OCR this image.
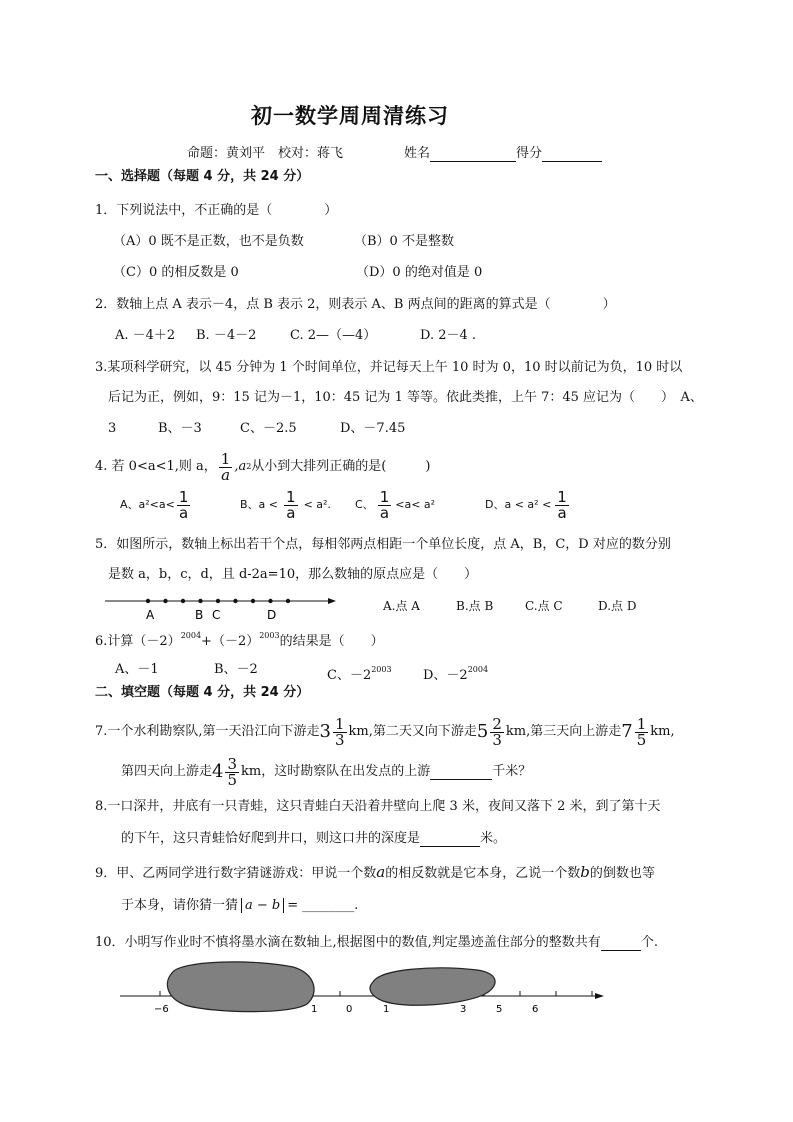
初一数学周周清练习
命题：黄刘平　校对：蒋飞	姓名	得分
一、选择题（每题 4 分，共 24 分）
1．下列说法中，不正确的是（　　　　）
（A）0 既不是正数，也不是负数	（B）0 不是整数
（C）0 的相反数是 0	（D）0 的绝对值是 0
2．数轴上点 A 表示－4，点 B 表示 2，则表示 A、B 两点间的距离的算式是（　　　　）
A. －4＋2 B. －4－2	C. 2—（—4）	D. 2－4 .
3.某项科学研究，以 45 分钟为 1 个时间单位，并记每天上午 10 时为 0，10 时以前记为负，10 时以
后记为正，例如，9：15 记为－1，10：45 记为 1 等等。依此类推，上午 7：45 应记为（　　）　A、
3	B、－3	C、－2.5	D、－7.45
4. 若 0<a<1,则 a， $\frac{1}{a} ,a$ 2 从小到大排列正确的是(　　　)
A、$a^2<a< \frac{1}{a}$	B、$a < \frac{1}{a} < a^2$. C、 $\frac{1}{a} <a< a^2$	D、$a < a^2 < \frac{1}{a}$
5．如图所示，数轴上标出若干个点，每相邻两点相距一个单位长度，点 A，B，C，D 对应的数分别
是数 a，b，c，d，且 d-2a=10，那么数轴的原点应是（　　）
A	B C	D
A.点 A	B.点 B	C.点 C	D.点 D
6.计算$(-2)^{2004}+(-2)^{2003}$的结果是（　　）
A、－1	B、－2	C、$-2^{2003}$ D、$-2^{2004}$
二、填空题（每题 4 分，共 24 分）
7.一个水利勘察队,第一天沿江向下游走 $3 \frac{1}{3}$ km,第二天又向下游走 $5 \frac{2}{3}$ km,第三天向上游走 $7 \frac{1}{5}$ km,
第四天向上游走 $4 \frac{3}{5}$ km，这时勘察队在出发点的上游	千米？
8.一口深井，井底有一只青蛙，这只青蛙白天沿着井壁向上爬 3 米，夜间又落下 2 米，到了第十天
的下午，这只青蛙恰好爬到井口，则这口井的深度是	米。
9．甲、乙两同学进行数字猜谜游戏：甲说一个数a的相反数就是它本身，乙说一个数b的倒数也等
于本身，请你猜一猜 a − b = ________.
10．小明写作业时不慎将墨水滴在数轴上,根据图中的数值,判定墨迹盖住部分的整数共有	个.
−6	1	0	1	3	5	6
